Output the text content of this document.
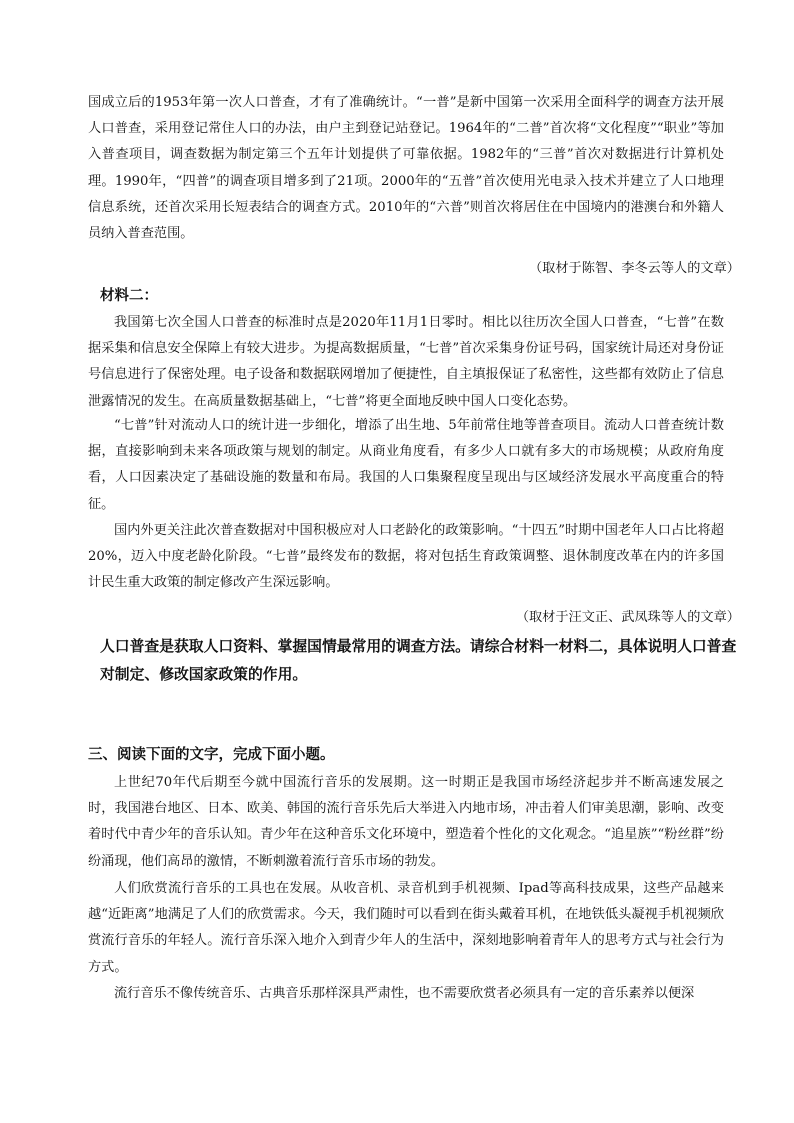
国成立后的1953年第一次人口普查，才有了准确统计。“一普”是新中国第一次采用全面科学的调查方法开展人口普查，采用登记常住人口的办法，由户主到登记站登记。1964年的“二普”首次将“文化程度”“职业”等加入普查项目，调查数据为制定第三个五年计划提供了可靠依据。1982年的“三普”首次对数据进行计算机处理。1990年，“四普”的调查项目增多到了21项。2000年的“五普”首次使用光电录入技术并建立了人口地理信息系统，还首次采用长短表结合的调查方式。2010年的“六普”则首次将居住在中国境内的港澳台和外籍人员纳入普查范围。

（取材于陈智、李冬云等人的文章）

材料二：

我国第七次全国人口普查的标准时点是2020年11月1日零时。相比以往历次全国人口普查，“七普”在数据采集和信息安全保障上有较大进步。为提高数据质量，“七普”首次采集身份证号码，国家统计局还对身份证号信息进行了保密处理。电子设备和数据联网增加了便捷性，自主填报保证了私密性，这些都有效防止了信息泄露情况的发生。在高质量数据基础上，“七普”将更全面地反映中国人口变化态势。

“七普”针对流动人口的统计进一步细化，增添了出生地、5年前常住地等普查项目。流动人口普查统计数据，直接影响到未来各项政策与规划的制定。从商业角度看，有多少人口就有多大的市场规模；从政府角度看，人口因素决定了基础设施的数量和布局。我国的人口集聚程度呈现出与区域经济发展水平高度重合的特征。

国内外更关注此次普查数据对中国积极应对人口老龄化的政策影响。“十四五”时期中国老年人口占比将超20%，迈入中度老龄化阶段。“七普”最终发布的数据，将对包括生育政策调整、退休制度改革在内的许多国计民生重大政策的制定修改产生深远影响。

（取材于汪文正、武凤珠等人的文章）

人口普查是获取人口资料、掌握国情最常用的调查方法。请综合材料一材料二，具体说明人口普查对制定、修改国家政策的作用。

三、阅读下面的文字，完成下面小题。

上世纪70年代后期至今就中国流行音乐的发展期。这一时期正是我国市场经济起步并不断高速发展之时，我国港台地区、日本、欧美、韩国的流行音乐先后大举进入内地市场，冲击着人们审美思潮，影响、改变着时代中青少年的音乐认知。青少年在这种音乐文化环境中，塑造着个性化的文化观念。“追星族”“粉丝群”纷纷涌现，他们高昂的激情，不断刺激着流行音乐市场的勃发。

人们欣赏流行音乐的工具也在发展。从收音机、录音机到手机视频、Ipad等高科技成果，这些产品越来越“近距离”地满足了人们的欣赏需求。今天，我们随时可以看到在街头戴着耳机，在地铁低头凝视手机视频欣赏流行音乐的年轻人。流行音乐深入地介入到青少年人的生活中，深刻地影响着青年人的思考方式与社会行为方式。

流行音乐不像传统音乐、古典音乐那样深具严肃性，也不需要欣赏者必须具有一定的音乐素养以便深
